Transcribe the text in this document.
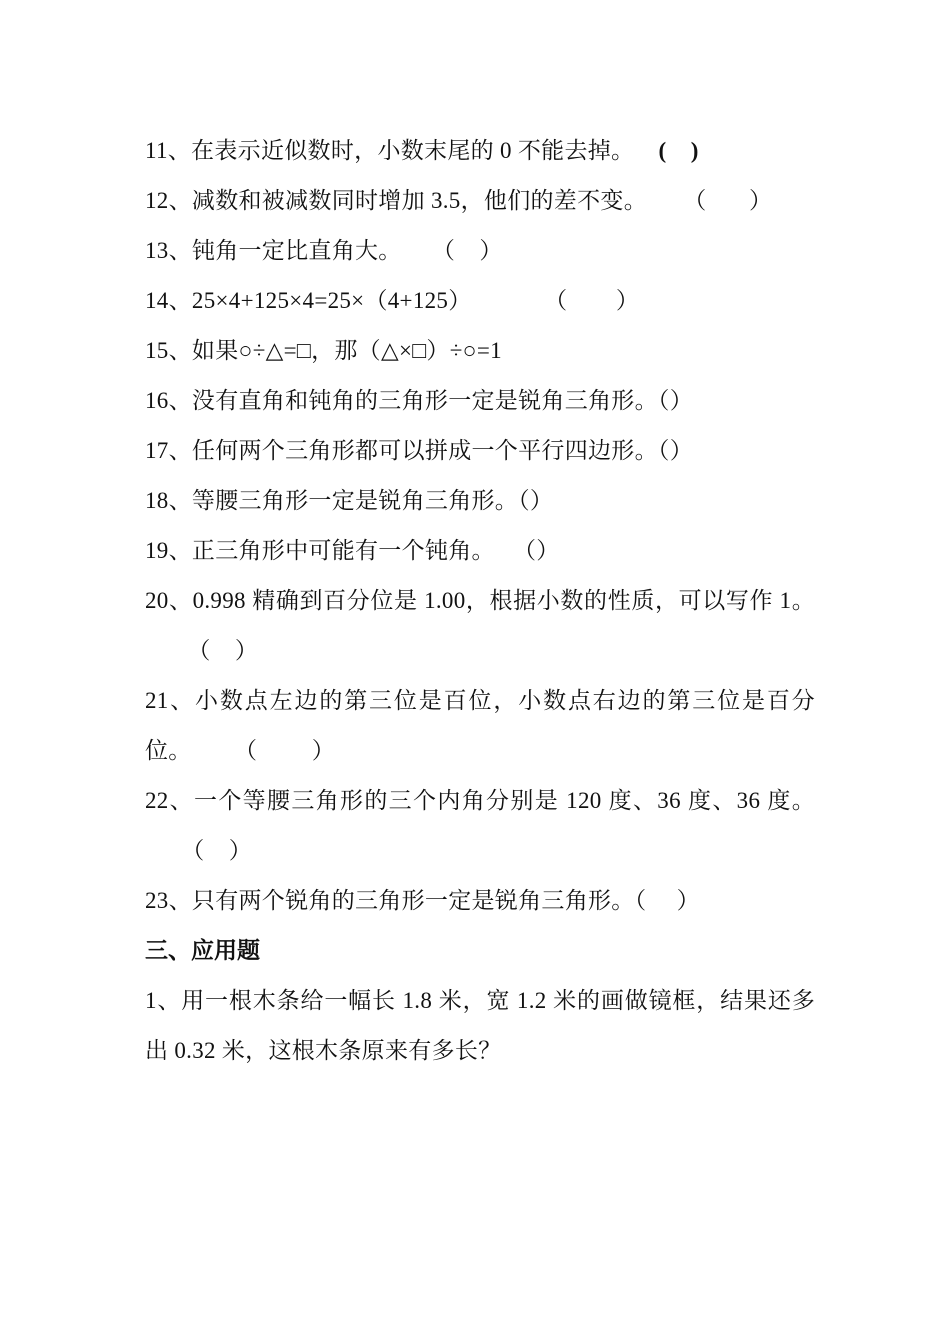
11、在表示近似数时，小数末尾的 0 不能去掉。    (    )
12、减数和被减数同时增加 3.5，他们的差不变。      （       ）
13、钝角一定比直角大。     （    ）
14、25×4+125×4=25×（4+125）            （        ）
15、如果○÷△=□，那（△×□）÷○=1
16、没有直角和钝角的三角形一定是锐角三角形。（）
17、任何两个三角形都可以拼成一个平行四边形。（）
18、等腰三角形一定是锐角三角形。（）
19、正三角形中可能有一个钝角。   （）
20、0.998 精确到百分位是 1.00，根据小数的性质，可以写作 1。       （    ）
21、小数点左边的第三位是百位，小数点右边的第三位是百分位。       （         ）
22、一个等腰三角形的三个内角分别是 120 度、36 度、36 度。      （    ）
23、只有两个锐角的三角形一定是锐角三角形。（     ）
三、应用题
1、用一根木条给一幅长 1.8 米，宽 1.2 米的画做镜框，结果还多出 0.32 米，这根木条原来有多长？
